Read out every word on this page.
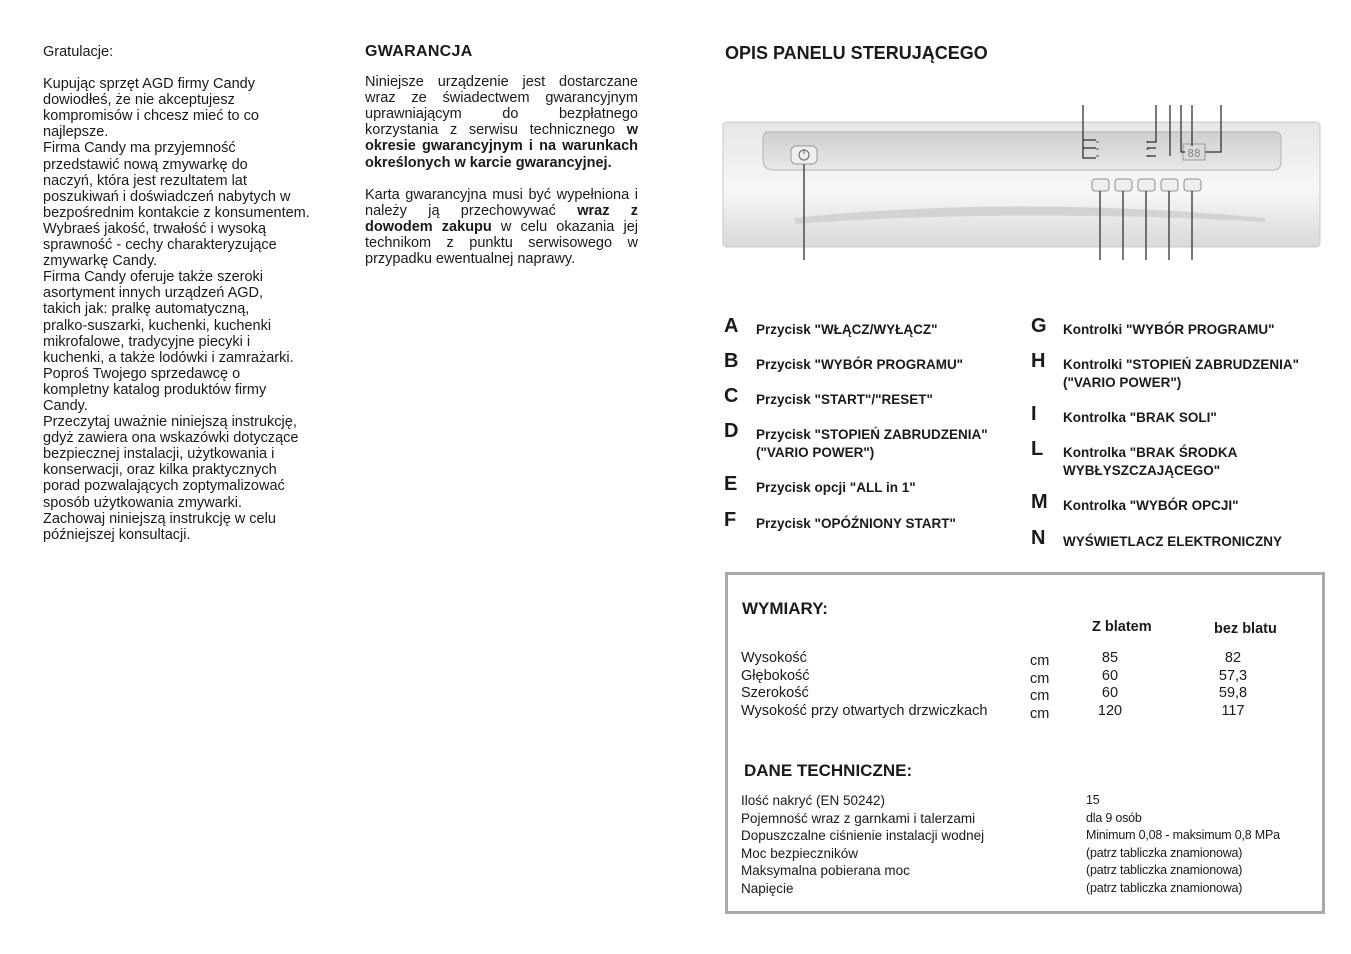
Gratulacje:
Kupując sprzęt AGD firmy Candy
dowiodłeś, że nie akceptujesz
kompromisów i chcesz mieć to co
najlepsze.
Firma Candy ma przyjemność
przedstawić nową zmywarkę do
naczyń, która jest rezultatem lat
poszukiwań i doświadczeń nabytych w
bezpośrednim kontakcie z konsumentem.
Wybraeś jakość, trwałość i wysoką
sprawność - cechy charakteryzujące
zmywarkę Candy.
Firma Candy oferuje także szeroki
asortyment innych urządzeń AGD,
takich jak: pralkę automatyczną,
pralko-suszarki, kuchenki, kuchenki
mikrofalowe, tradycyjne piecyki i
kuchenki, a także lodówki i zamrażarki.
Poproś Twojego sprzedawcę o
kompletny katalog produktów firmy
Candy.
Przeczytaj uważnie niniejszą instrukcję,
gdyż zawiera ona wskazówki dotyczące
bezpiecznej instalacji, użytkowania i
konserwacji, oraz kilka praktycznych
porad pozwalających zoptymalizować
sposób użytkowania zmywarki.
Zachowaj niniejszą instrukcję w celu
późniejszej konsultacji.
GWARANCJA

Niniejsze urządzenie jest dostarczane wraz ze świadectwem gwarancyjnym uprawniającym do bezpłatnego korzystania z serwisu technicznego w okresie gwarancyjnym i na warunkach określonych w karcie gwarancyjnej.

Karta gwarancyjna musi być wypełniona i należy ją przechowywać wraz z dowodem zakupu w celu okazania jej technikom z punktu serwisowego w przypadku ewentualnej naprawy.

OPIS PANELU STERUJĄCEGO
88
A Przycisk "WŁĄCZ/WYŁĄCZ"
B Przycisk "WYBÓR PROGRAMU"
C Przycisk "START"/"RESET"
D Przycisk "STOPIEŃ ZABRUDZENIA" ("VARIO POWER")
E Przycisk opcji "ALL in 1"
F Przycisk "OPÓŹNIONY START"
G Kontrolki "WYBÓR PROGRAMU"
H Kontrolki "STOPIEŃ ZABRUDZENIA" ("VARIO POWER")
I Kontrolka "BRAK SOLI"
L Kontrolka "BRAK ŚRODKA WYBŁYSZCZAJĄCEGO"
M Kontrolka "WYBÓR OPCJI"
N WYŚWIETLACZ ELEKTRONICZNY
WYMIARY:
Z blatem	bez blatu
Wysokość	cm	85	82
Głębokość	cm	60	57,3
Szerokość	cm	60	59,8
Wysokość przy otwartych drzwiczkach	cm	120	117
DANE TECHNICZNE:
Ilość nakryć (EN 50242)	15
Pojemność wraz z garnkami i talerzami	dla 9 osób
Dopuszczalne ciśnienie instalacji wodnej	Minimum 0,08 - maksimum 0,8 MPa
Moc bezpieczników	(patrz tabliczka znamionowa)
Maksymalna pobierana moc	(patrz tabliczka znamionowa)
Napięcie	(patrz tabliczka znamionowa)
